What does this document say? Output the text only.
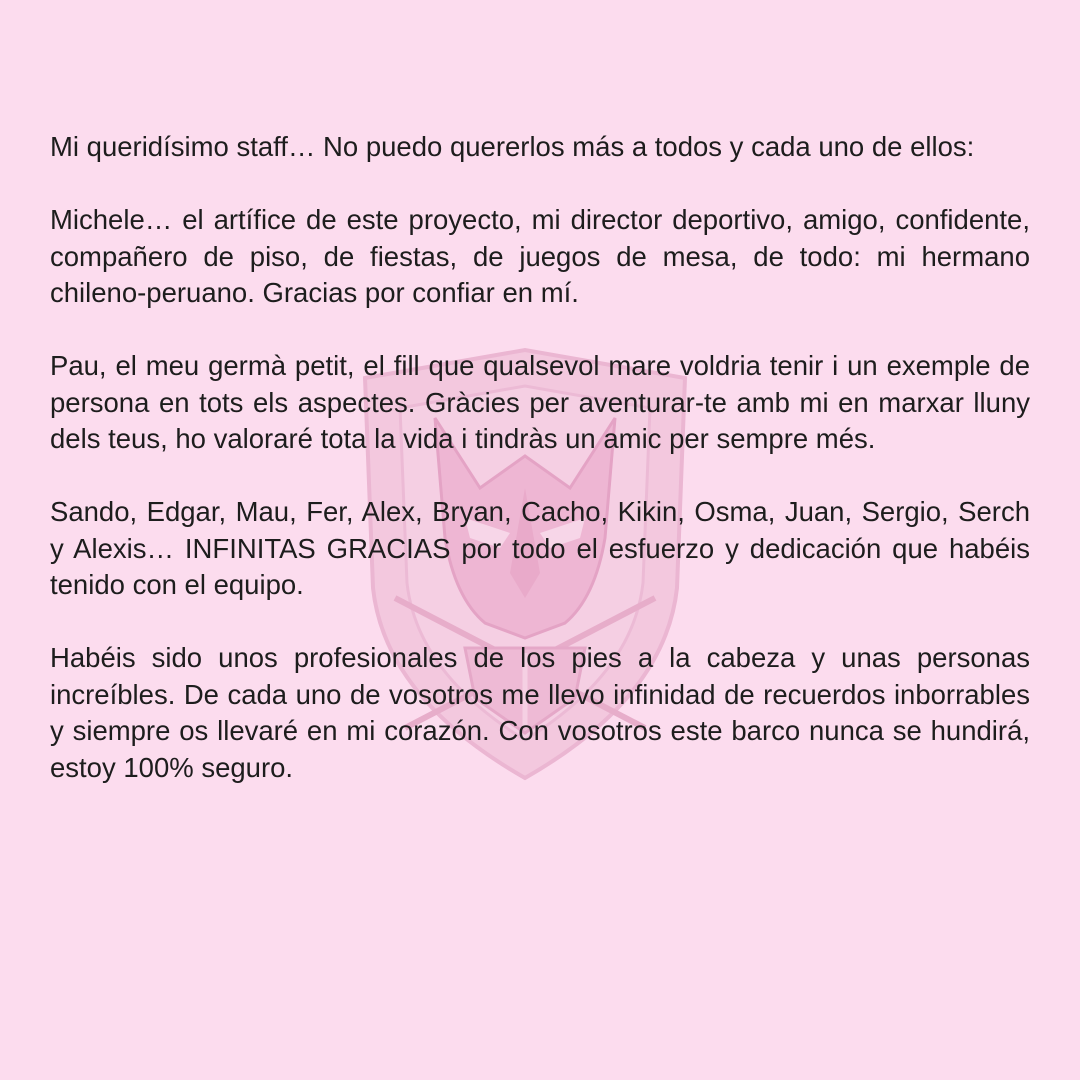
Mi queridísimo staff… No puedo quererlos más a todos y cada uno de ellos:

Michele… el artífice de este proyecto, mi director deportivo, amigo, confidente, compañero de piso, de fiestas, de juegos de mesa, de todo: mi hermano chileno-peruano. Gracias por confiar en mí.

Pau, el meu germà petit, el fill que qualsevol mare voldria tenir i un exemple de persona en tots els aspectes. Gràcies per aventurar-te amb mi en marxar lluny dels teus, ho valoraré tota la vida i tindràs un amic per sempre més.

Sando, Edgar, Mau, Fer, Alex, Bryan, Cacho, Kikin, Osma, Juan, Sergio, Serch y Alexis… INFINITAS GRACIAS por todo el esfuerzo y dedicación que habéis tenido con el equipo.

Habéis sido unos profesionales de los pies a la cabeza y unas personas increíbles. De cada uno de vosotros me llevo infinidad de recuerdos inborrables y siempre os llevaré en mi corazón. Con vosotros este barco nunca se hundirá, estoy 100% seguro.
